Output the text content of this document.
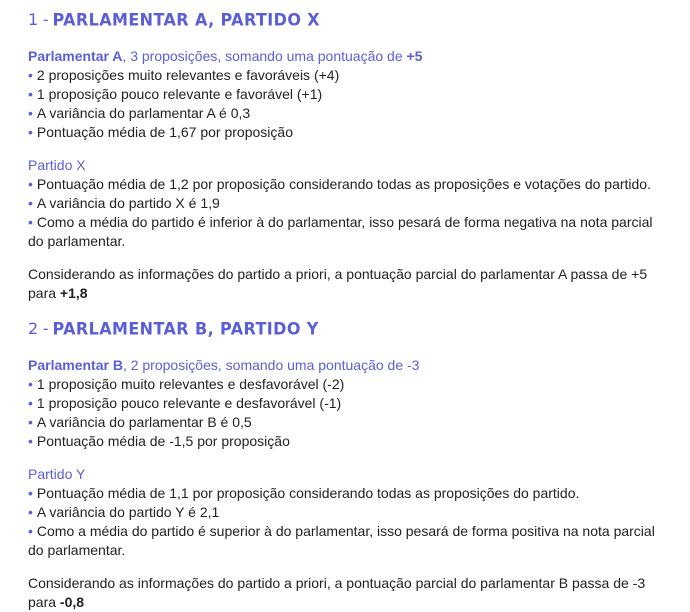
1 - PARLAMENTAR A, PARTIDO X
Parlamentar A, 3 proposições, somando uma pontuação de +5
• 2 proposições muito relevantes e favoráveis (+4)
• 1 proposição pouco relevante e favorável (+1)
• A variância do parlamentar A é 0,3
• Pontuação média de 1,67 por proposição
Partido X
• Pontuação média de 1,2 por proposição considerando todas as proposições e votações do partido.
• A variância do partido X é 1,9
• Como a média do partido é inferior à do parlamentar, isso pesará de forma negativa na nota parcial do parlamentar.
Considerando as informações do partido a priori, a pontuação parcial do parlamentar A passa de +5 para +1,8
2 - PARLAMENTAR B, PARTIDO Y
Parlamentar B, 2 proposições, somando uma pontuação de -3
• 1 proposição muito relevantes e desfavorável (-2)
• 1 proposição pouco relevante e desfavorável (-1)
• A variância do parlamentar B é 0,5
• Pontuação média de -1,5 por proposição
Partido Y
• Pontuação média de 1,1 por proposição considerando todas as proposições do partido.
• A variância do partido Y é 2,1
• Como a média do partido é superior à do parlamentar, isso pesará de forma positiva na nota parcial do parlamentar.
Considerando as informações do partido a priori, a pontuação parcial do parlamentar B passa de -3 para -0,8
